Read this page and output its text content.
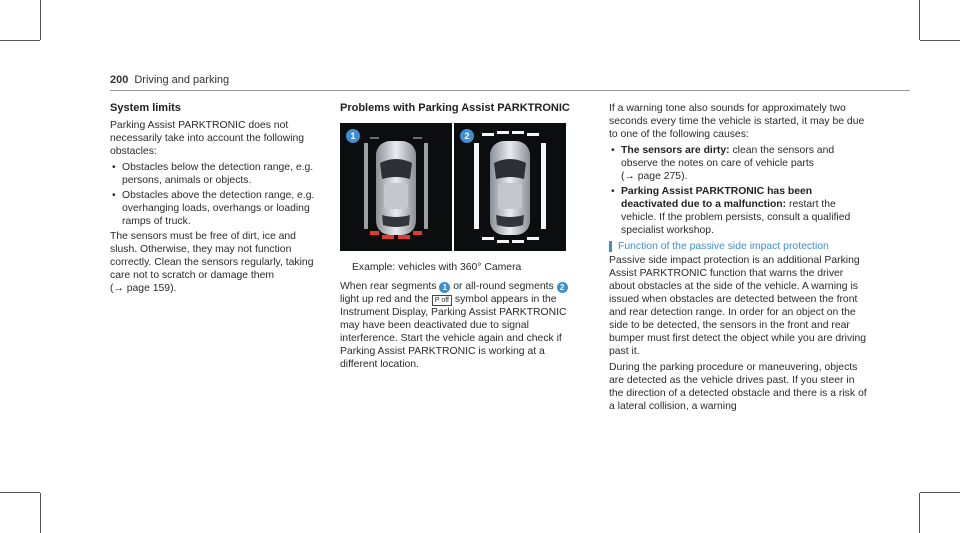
200 Driving and parking
System limits

Parking Assist PARKTRONIC does not necessarily take into account the following obstacles:

• Obstacles below the detection range, e.g. persons, animals or objects.
• Obstacles above the detection range, e.g. overhanging loads, overhangs or loading ramps of truck.

The sensors must be free of dirt, ice and slush. Otherwise, they may not function correctly. Clean the sensors regularly, taking care not to scratch or damage them (→ page 159).

Problems with Parking Assist PARKTRONIC
1	2

Example: vehicles with 360° Camera

When rear segments 1 or all-round segments 2 light up red and the P off symbol appears in the Instrument Display, Parking Assist PARKTRONIC may have been deactivated due to signal interference. Start the vehicle again and check if Parking Assist PARKTRONIC is working at a different location.

If a warning tone also sounds for approximately two seconds every time the vehicle is started, it may be due to one of the following causes:

• The sensors are dirty: clean the sensors and observe the notes on care of vehicle parts (→ page 275).
• Parking Assist PARKTRONIC has been deactivated due to a malfunction: restart the vehicle. If the problem persists, consult a qualified specialist workshop.
Function of the passive side impact protection

Passive side impact protection is an additional Parking Assist PARKTRONIC function that warns the driver about obstacles at the side of the vehicle. A warning is issued when obstacles are detected between the front and rear detection range. In order for an object on the side to be detected, the sensors in the front and rear bumper must first detect the object while you are driving past it.

During the parking procedure or maneuvering, objects are detected as the vehicle drives past. If you steer in the direction of a detected obstacle and there is a risk of a lateral collision, a warning
